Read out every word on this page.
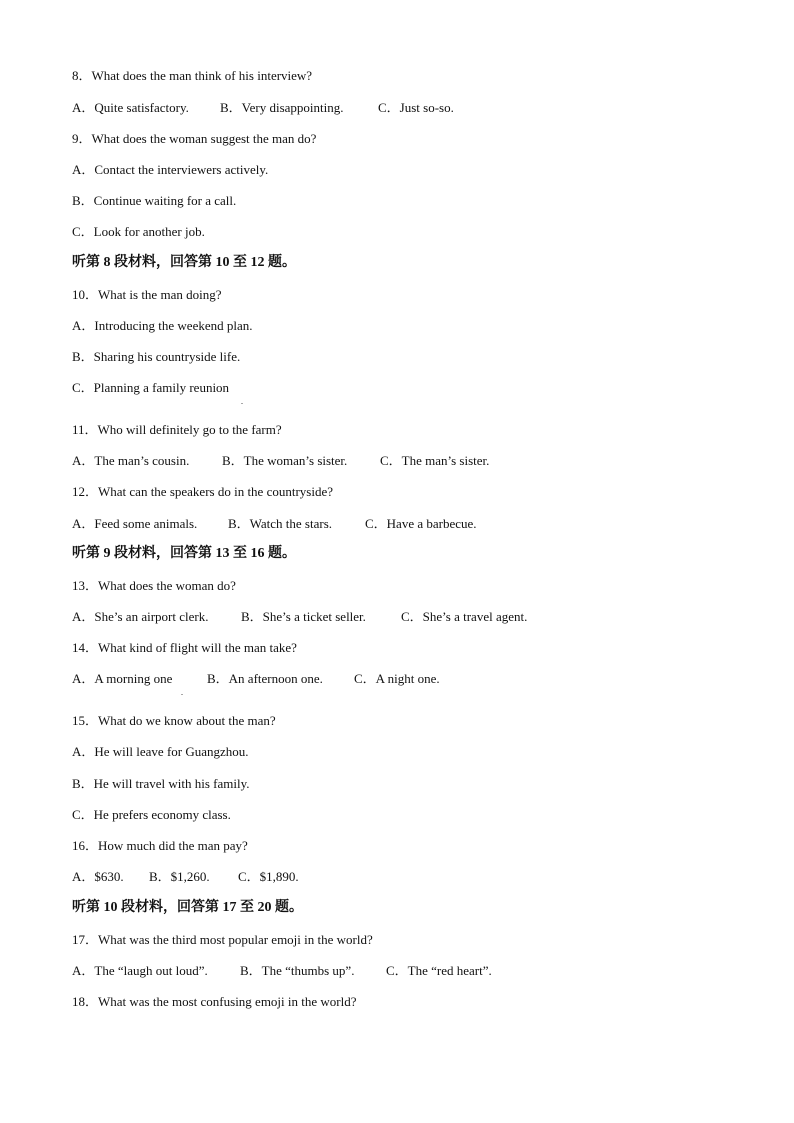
8．What does the man think of his interview?
A．Quite satisfactory. B．Very disappointing.	C．Just so-so.
9．What does the woman suggest the man do?
A．Contact the interviewers actively.
B．Continue waiting for a call.
C．Look for another job.
听第 8 段材料，回答第 10 至 12 题。
10．What is the man doing?
A．Introducing the weekend plan.
B．Sharing his countryside life.
C．Planning a family reunion
.
11．Who will definitely go to the farm?
A．The man’s cousin.	B．The woman’s sister.	C．The man’s sister.
12．What can the speakers do in the countryside?
A．Feed some animals. B．Watch the stars.	C．Have a barbecue.
听第 9 段材料，回答第 13 至 16 题。
13．What does the woman do?
A．She’s an airport clerk.	B．She’s a ticket seller.	C．She’s a travel agent.
14．What kind of flight will the man take?
A．A morning one	B．An afternoon one. C．A night one.
.
15．What do we know about the man?
A．He will leave for Guangzhou.
B．He will travel with his family.
C．He prefers economy class.
16．How much did the man pay?
A．$630. B．$1,260. C．$1,890.
听第 10 段材料，回答第 17 至 20 题。
17．What was the third most popular emoji in the world?
A．The “laugh out loud”. B．The “thumbs up”. C．The “red heart”.
18．What was the most confusing emoji in the world?
